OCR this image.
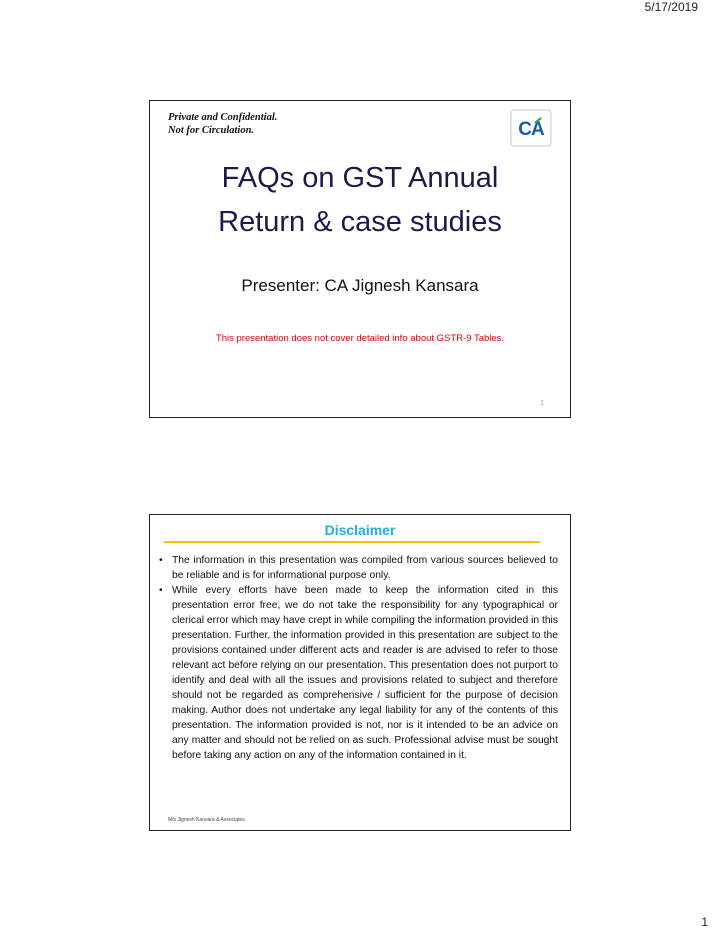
5/17/2019
Private and Confidential.
Not for Circulation.	CA
FAQs on GST Annual
Return & case studies
Presenter: CA Jignesh Kansara
This presentation does not cover detailed info about GSTR-9 Tables.
1
Disclaimer
• The information in this presentation was compiled from various sources believed to be reliable and is for informational purpose only.
• While every efforts have been made to keep the information cited in this presentation error free, we do not take the responsibility for any typographical or clerical error which may have crept in while compiling the information provided in this presentation. Further, the information provided in this presentation are subject to the provisions contained under different acts and reader is are advised to refer to those relevant act before relying on our presentation. This presentation does not purport to identify and deal with all the issues and provisions related to subject and therefore should not be regarded as comprehensive / sufficient for the purpose of decision making. Author does not undertake any legal liability for any of the contents of this presentation. The information provided is not, nor is it intended to be an advice on any matter and should not be relied on as such. Professional advise must be sought before taking any action on any of the information contained in it.
M/s Jignesh Kansara & Associates
1
